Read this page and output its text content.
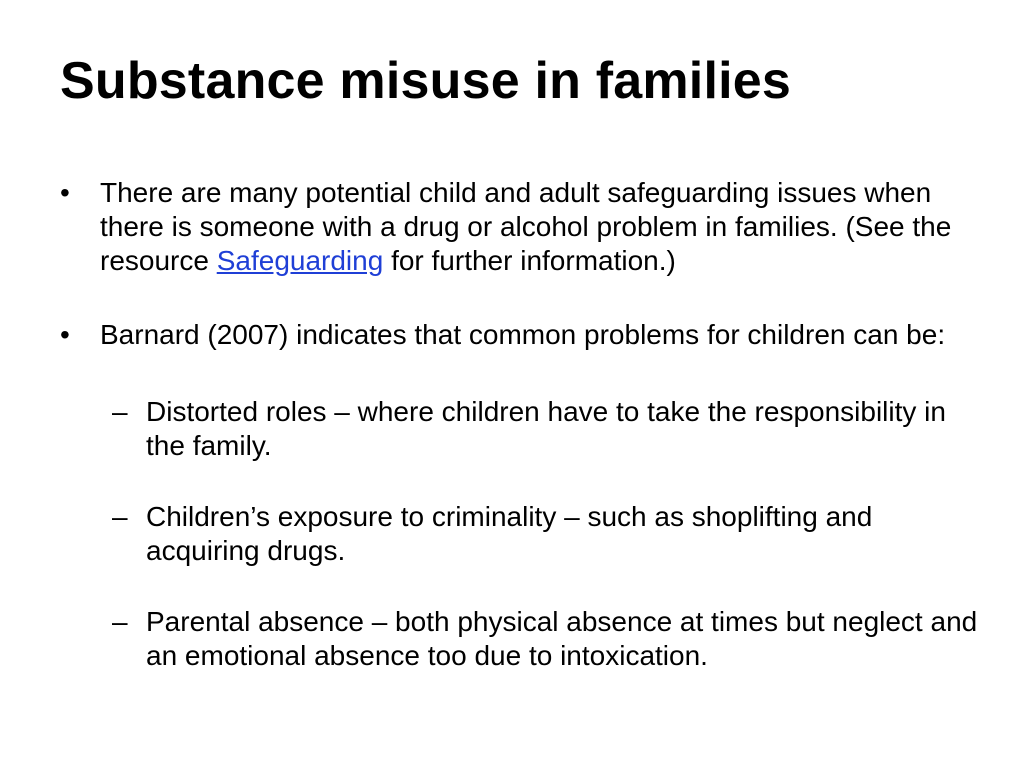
Substance misuse in families

• There are many potential child and adult safeguarding issues when there is someone with a drug or alcohol problem in families. (See the resource Safeguarding for further information.)

• Barnard (2007) indicates that common problems for children can be:

– Distorted roles – where children have to take the responsibility in the family.

– Children’s exposure to criminality – such as shoplifting and acquiring drugs.

– Parental absence – both physical absence at times but neglect and an emotional absence too due to intoxication.
